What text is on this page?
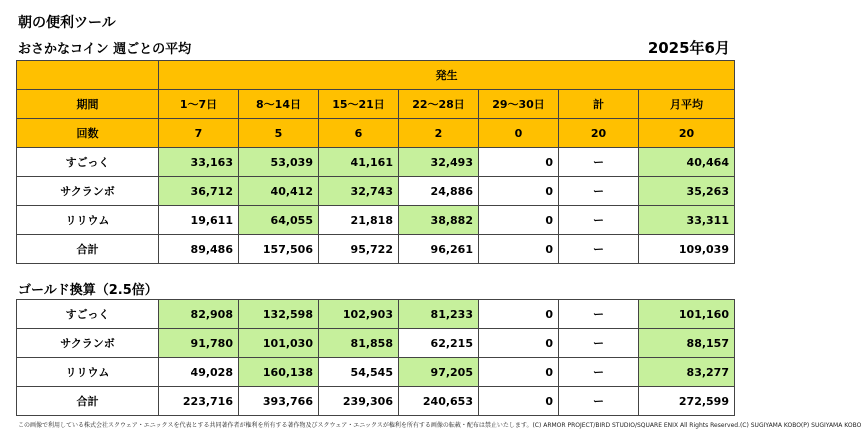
朝の便利ツール
おさかなコイン 週ごとの平均	2025年6月
	発生						
期間	1～7日	8～14日	15～21日	22～28日	29～30日	計	月平均
回数	7	5	6	2	0	20	20
すごっく	33,163	53,039	41,161	32,493	0	ー	40,464
サクランボ	36,712	40,412	32,743	24,886	0	ー	35,263
リリウム	19,611	64,055	21,818	38,882	0	ー	33,311
合計	89,486	157,506	95,722	96,261	0	ー	109,039
ゴールド換算（2.5倍）
すごっく	82,908	132,598	102,903	81,233	0	ー	101,160
サクランボ	91,780	101,030	81,858	62,215	0	ー	88,157
リリウム	49,028	160,138	54,545	97,205	0	ー	83,277
合計	223,716	393,766	239,306	240,653	0	ー	272,599
この画像で利用している株式会社スクウェア・エニックスを代表とする共同著作者が権利を所有する著作物及びスクウェア・エニックスが権利を所有する画像の転載・配布は禁止いたします。(C) ARMOR PROJECT/BIRD STUDIO/SQUARE ENIX All Rights Reserved.(C) SUGIYAMA KOBO(P) SUGIYAMA KOBO
